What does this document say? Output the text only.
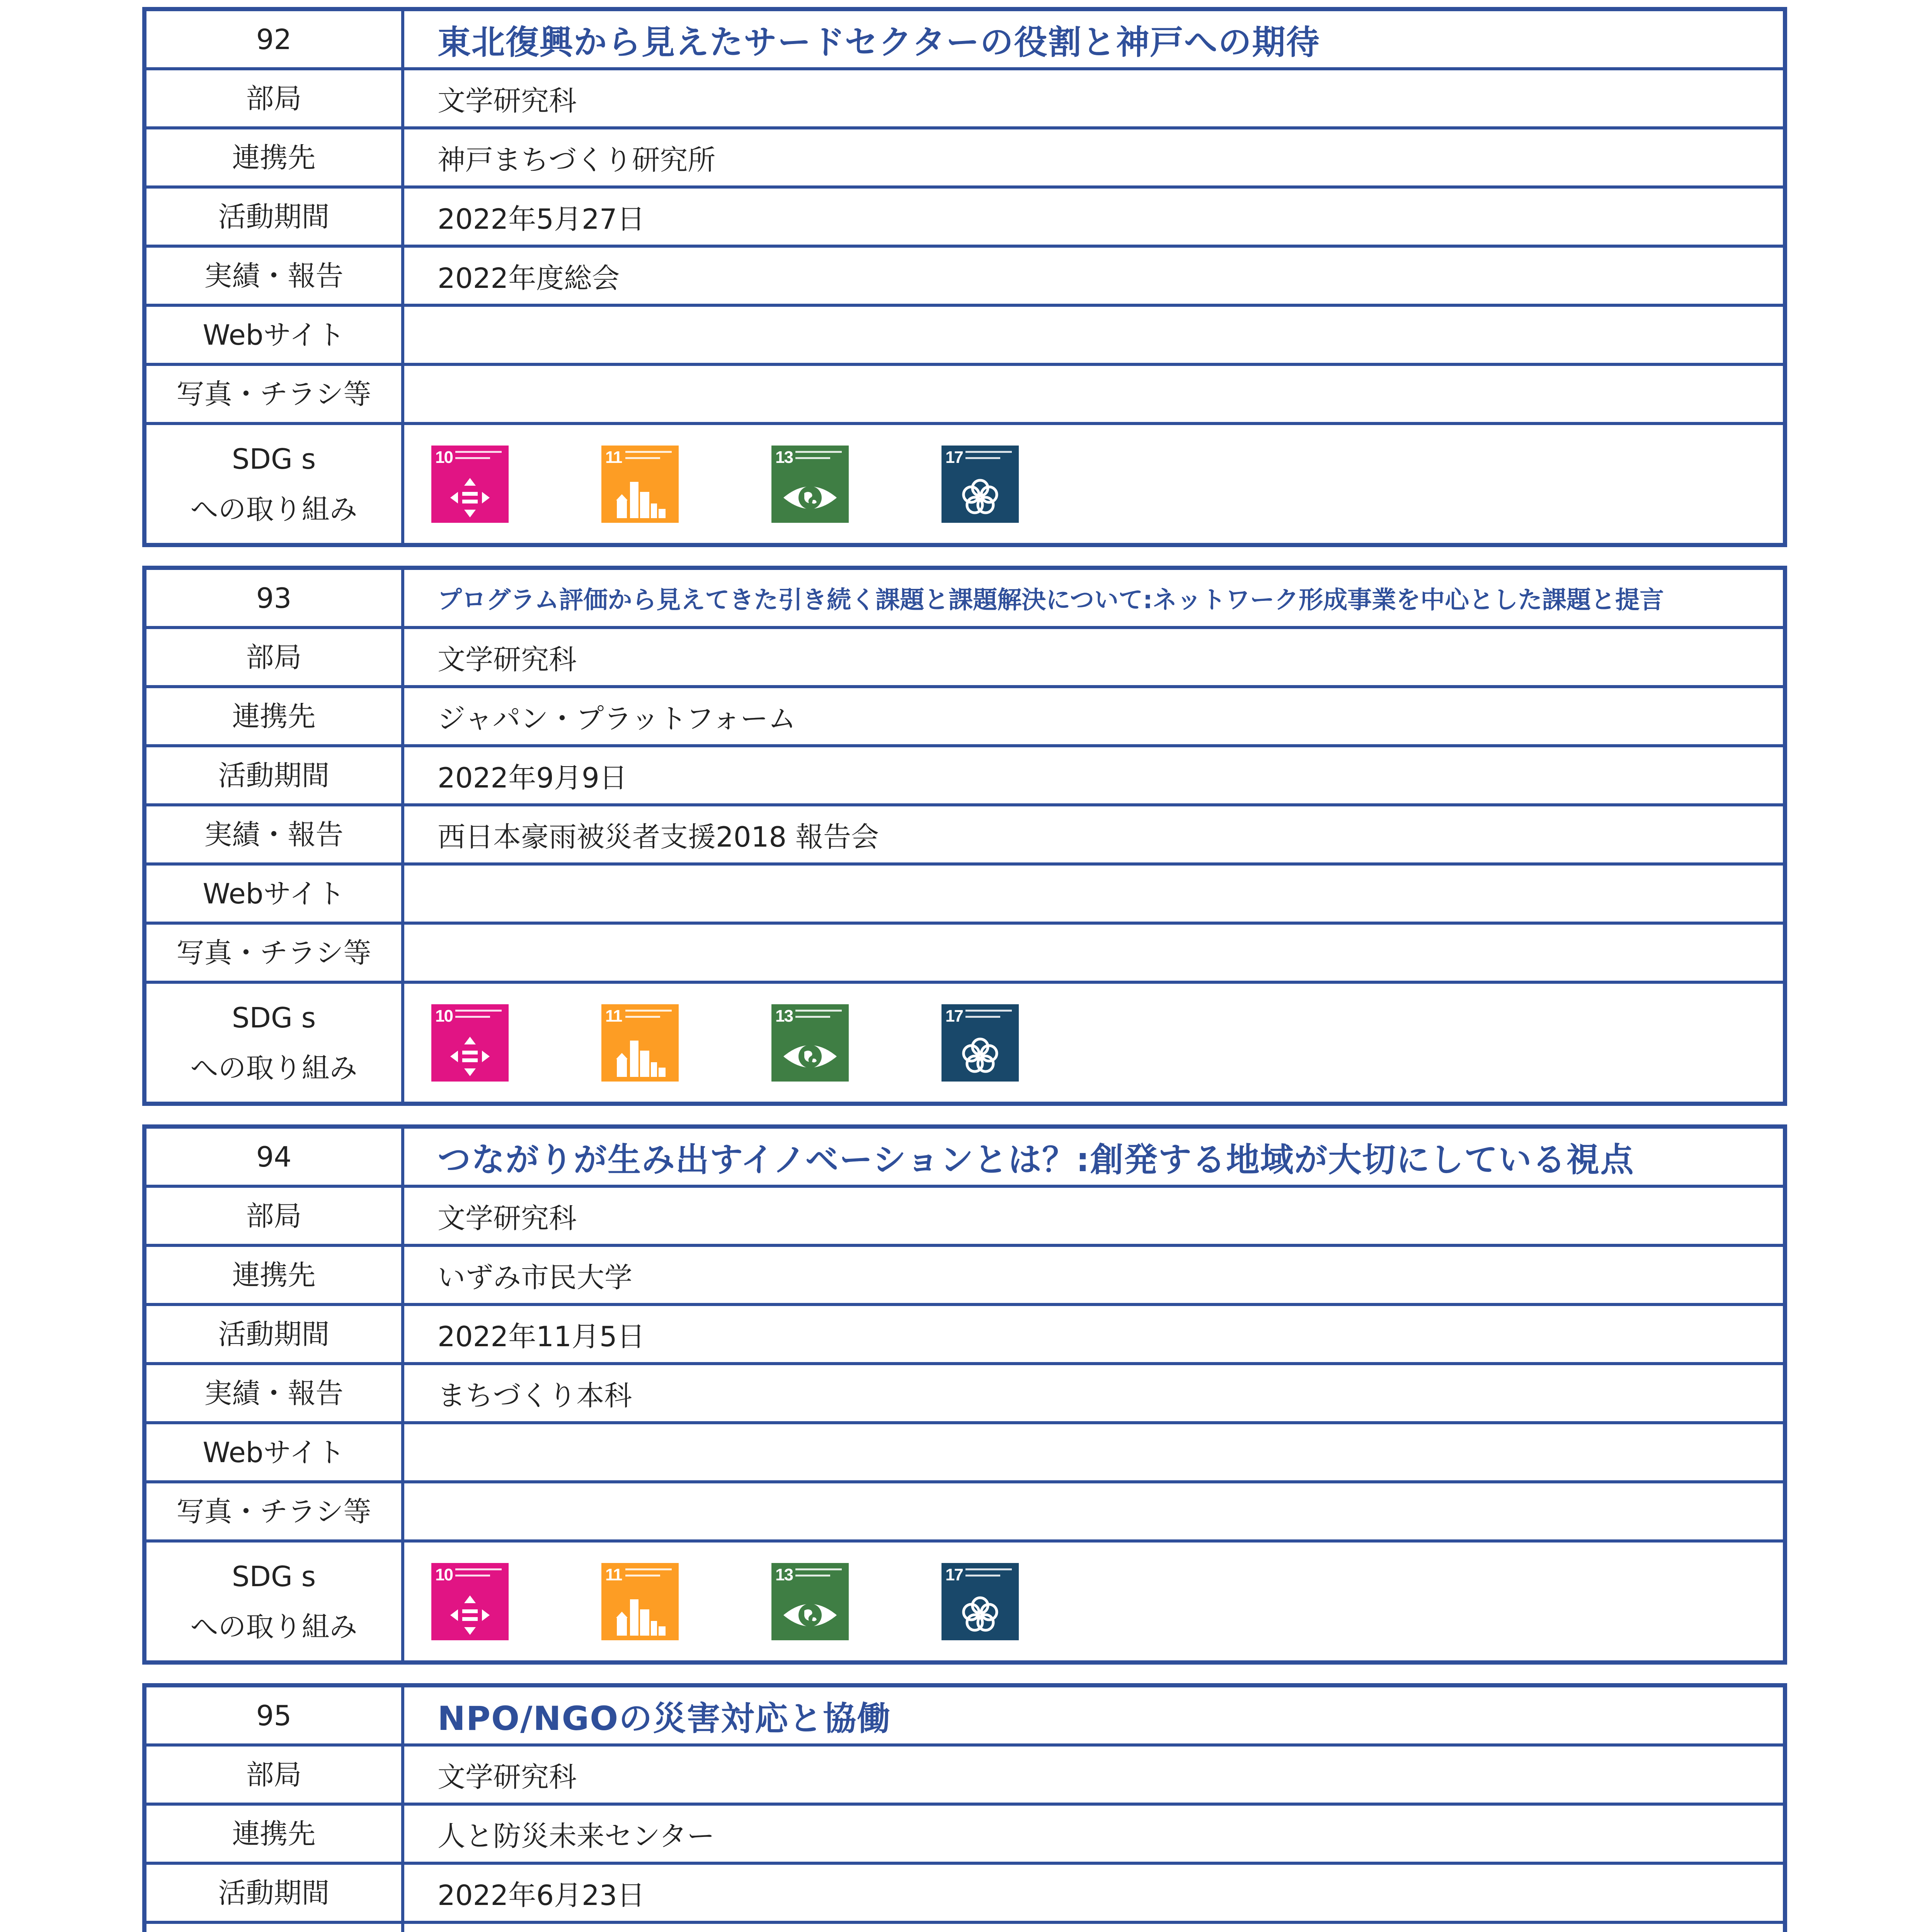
92	東北復興から見えたサードセクターの役割と神戸への期待
部局	文学研究科
連携先	神戸まちづくり研究所
活動期間	2022年5月27日
実績・報告	2022年度総会
Webサイト
写真・チラシ等
SDG s
への取り組み
10	11	13	17
93	プログラム評価から見えてきた引き続く課題と課題解決について:ネットワーク形成事業を中心とした課題と提言
部局	文学研究科
連携先	ジャパン・プラットフォーム
活動期間	2022年9月9日
実績・報告	西日本豪雨被災者支援2018 報告会
Webサイト
写真・チラシ等
SDG s
への取り組み
10	11	13	17
94	つながりが生み出すイノベーションとは？:創発する地域が大切にしている視点
部局	文学研究科
連携先	いずみ市民大学
活動期間	2022年11月5日
実績・報告	まちづくり本科
Webサイト
写真・チラシ等
SDG s
への取り組み
10	11	13	17
95	NPO/NGOの災害対応と協働
部局	文学研究科
連携先	人と防災未来センター
活動期間	2022年6月23日
